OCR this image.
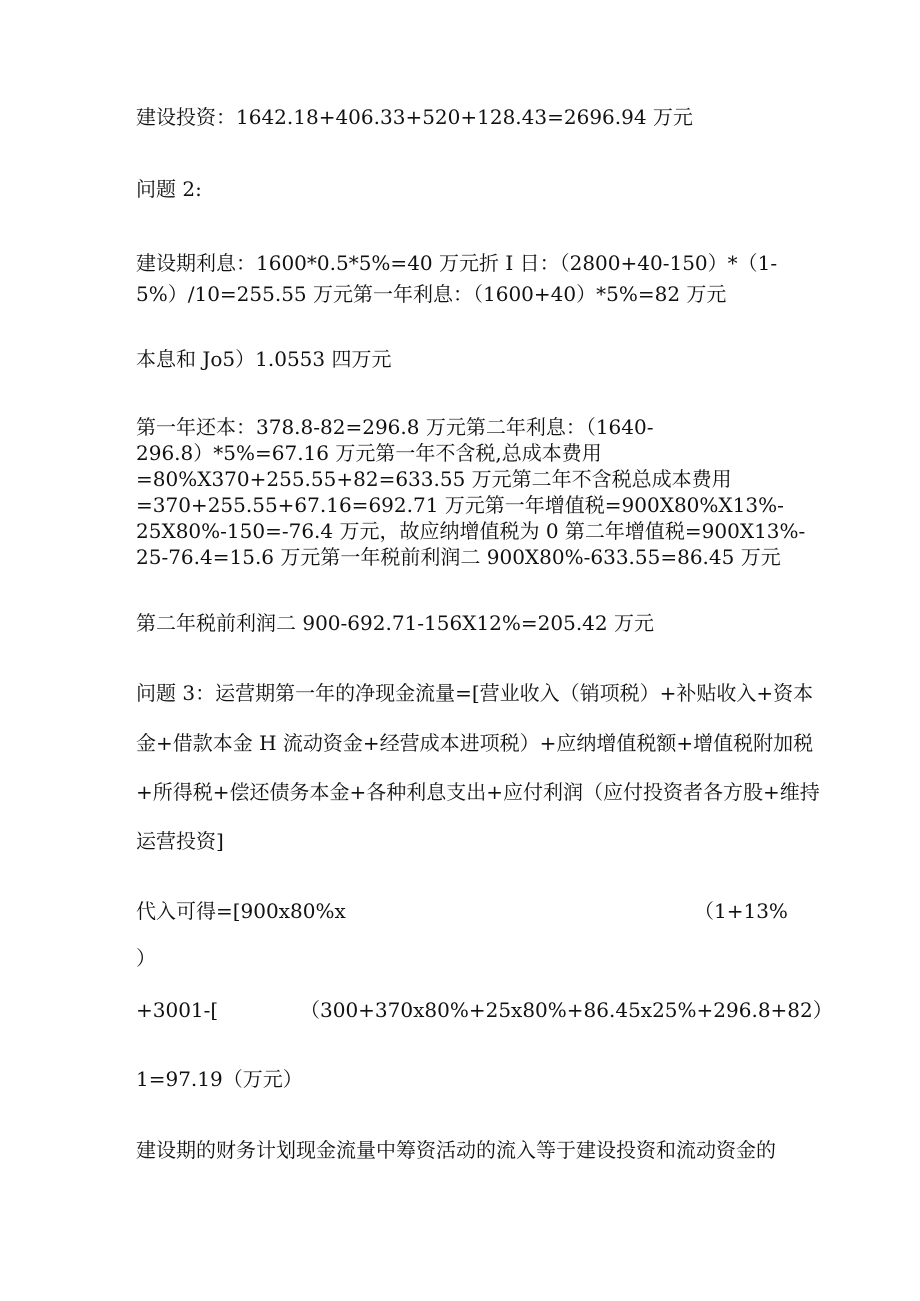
建设投资：1642.18+406.33+520+128.43=2696.94 万元
问题 2:
建设期利息：1600*0.5*5%=40 万元折 I 日：（2800+40-150）*（1-
5%）/10=255.55 万元第一年利息：（1600+40）*5%=82 万元
本息和 Jo5）1.0553 四万元
第一年还本：378.8-82=296.8 万元第二年利息：（1640-
296.8）*5%=67.16 万元第一年不含税,总成本费用
=80%X370+255.55+82=633.55 万元第二年不含税总成本费用
=370+255.55+67.16=692.71 万元第一年增值税=900X80%X13%-
25X80%-150=-76.4 万元，故应纳增值税为 0 第二年增值税=900X13%-
25-76.4=15.6 万元第一年税前利润二 900X80%-633.55=86.45 万元
第二年税前利润二 900-692.71-156X12%=205.42 万元
问题 3：运营期第一年的净现金流量=[营业收入（销项税）+补贴收入+资本
金+借款本金 H 流动资金+经营成本进项税）+应纳增值税额+增值税附加税
+所得税+偿还债务本金+各种利息支出+应付利润（应付投资者各方股+维持
运营投资]
代入可得=[900x80%x	（1+13%
）
+3001-[	（300+370x80%+25x80%+86.45x25%+296.8+82）
1=97.19（万元）
建设期的财务计划现金流量中筹资活动的流入等于建设投资和流动资金的
